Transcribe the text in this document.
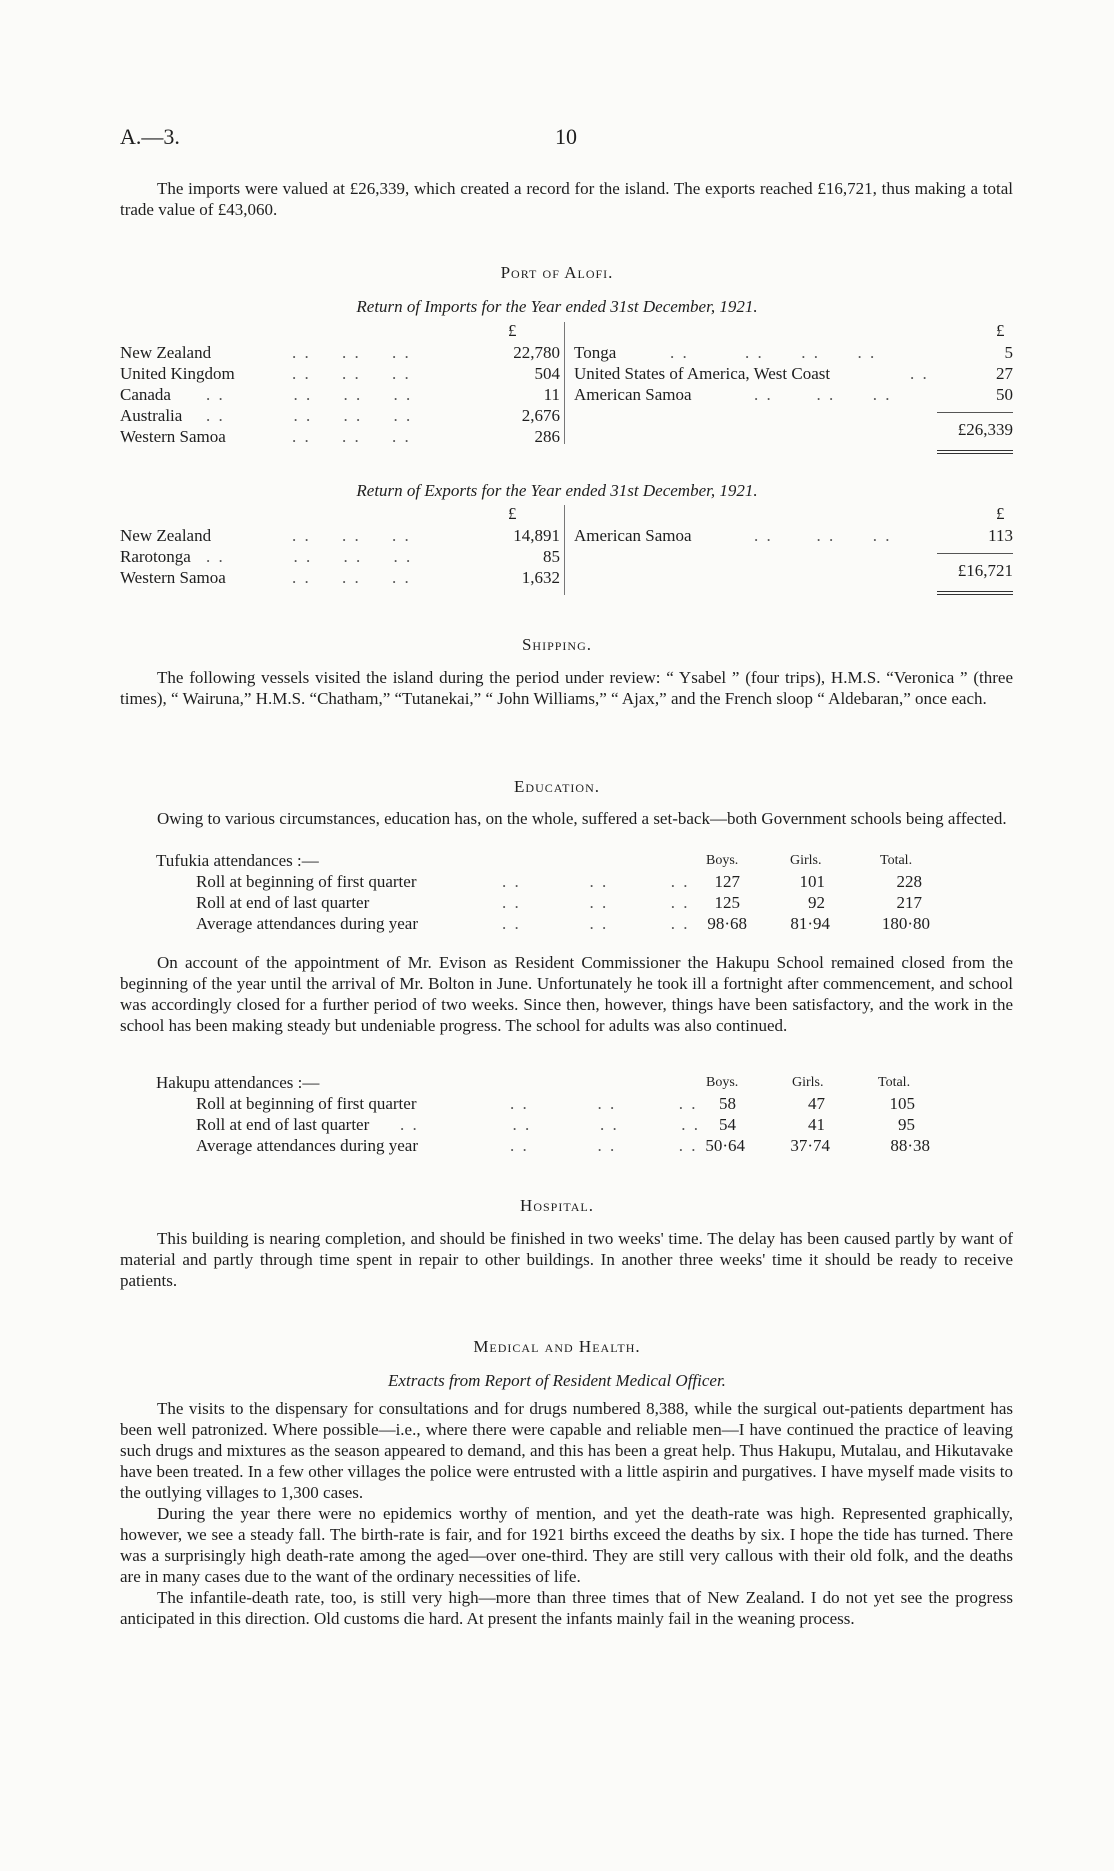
A.—3.	10

The imports were valued at £26,339, which created a record for the island. The exports reached £16,721, thus making a total trade value of £43,060.

Port of Alofi.
Return of Imports for the Year ended 31st December, 1921.
£	£
New Zealand	. .     . .     . .	22,780
United Kingdom	. .     . .     . .	504
Canada . .           . .     . .     . .	11
Australia . .           . .     . .     . .	2,676
Western Samoa	. .     . .     . .	286
Tonga	. .         . .      . .      . .	5
United States of America, West Coast	. .	27
American Samoa	. .       . .      . .	50
£26,339
Return of Exports for the Year ended 31st December, 1921.
£	£
New Zealand	. .     . .     . .	14,891
Rarotonga . .           . .     . .     . .	85
Western Samoa	. .     . .     . .	1,632
American Samoa	. .       . .      . .	113
£16,721
Shipping.

The following vessels visited the island during the period under review: “ Ysabel ” (four trips), H.M.S. “Veronica ” (three times), “ Wairuna,” H.M.S. “Chatham,” “Tutanekai,” “ John Williams,” “ Ajax,” and the French sloop “ Aldebaran,” once each.

Education.

Owing to various circumstances, education has, on the whole, suffered a set-back—both Government schools being affected.

Tufukia attendances :—	Boys.	Girls.	Total.
Roll at beginning of first quarter	. .           . .          . .	127	101	228
Roll at end of last quarter	. .           . .          . .	125	92	217
Average attendances during year	. .           . .          . .	98·68	81·94	180·80

On account of the appointment of Mr. Evison as Resident Commissioner the Hakupu School remained closed from the beginning of the year until the arrival of Mr. Bolton in June. Unfortunately he took ill a fortnight after commencement, and school was accordingly closed for a further period of two weeks. Since then, however, things have been satisfactory, and the work in the school has been making steady but undeniable progress. The school for adults was also continued.

Hakupu attendances :—	Boys.	Girls.	Total.
Roll at beginning of first quarter	. .           . .          . .	58	47	105
Roll at end of last quarter . .               . .           . .          . .	54	41	95
Average attendances during year	. .           . .          . . 50·64	37·74	88·38
Hospital.

This building is nearing completion, and should be finished in two weeks' time. The delay has been caused partly by want of material and partly through time spent in repair to other buildings. In another three weeks' time it should be ready to receive patients.

Medical and Health.
Extracts from Report of Resident Medical Officer.

The visits to the dispensary for consultations and for drugs numbered 8,388, while the surgical out-patients department has been well patronized. Where possible—i.e., where there were capable and reliable men—I have continued the practice of leaving such drugs and mixtures as the season appeared to demand, and this has been a great help. Thus Hakupu, Mutalau, and Hikutavake have been treated. In a few other villages the police were entrusted with a little aspirin and purgatives. I have myself made visits to the outlying villages to 1,300 cases.

During the year there were no epidemics worthy of mention, and yet the death-rate was high. Represented graphically, however, we see a steady fall. The birth-rate is fair, and for 1921 births exceed the deaths by six. I hope the tide has turned. There was a surprisingly high death-rate among the aged—over one-third. They are still very callous with their old folk, and the deaths are in many cases due to the want of the ordinary necessities of life.

The infantile-death rate, too, is still very high—more than three times that of New Zealand. I do not yet see the progress anticipated in this direction. Old customs die hard. At present the infants mainly fail in the weaning process.
